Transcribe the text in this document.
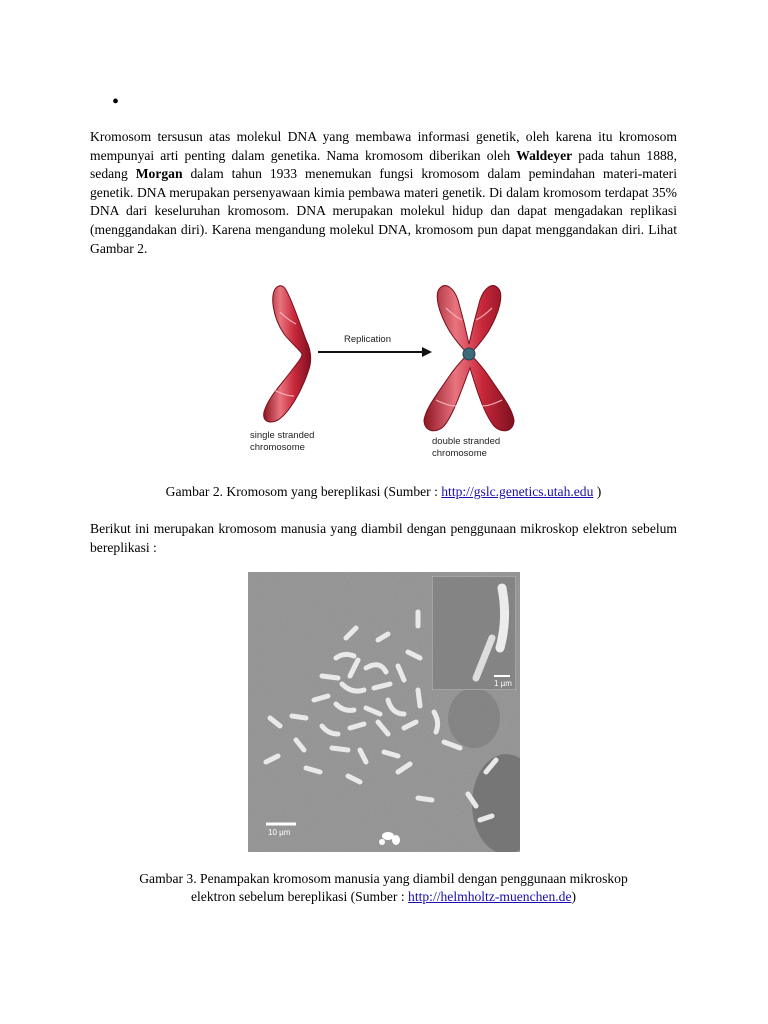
•

Kromosom tersusun atas molekul DNA yang membawa informasi genetik, oleh karena itu kromosom mempunyai arti penting dalam genetika. Nama kromosom diberikan oleh Waldeyer pada tahun 1888, sedang Morgan dalam tahun 1933 menemukan fungsi kromosom dalam pemindahan materi-materi genetik. DNA merupakan persenyawaan kimia pembawa materi genetik. Di dalam kromosom terdapat 35% DNA dari keseluruhan kromosom. DNA merupakan molekul hidup dan dapat mengadakan replikasi (menggandakan diri). Karena mengandung molekul DNA, kromosom pun dapat menggandakan diri. Lihat Gambar 2.

Replication
single stranded
chromosome
double stranded
chromosome

Gambar 2. Kromosom yang bereplikasi (Sumber : http://gslc.genetics.utah.edu )

Berikut ini merupakan kromosom manusia yang diambil dengan penggunaan mikroskop elektron sebelum bereplikasi :

1 µm
10 µm

Gambar 3. Penampakan kromosom manusia yang diambil dengan penggunaan mikroskop
elektron sebelum bereplikasi (Sumber : http://helmholtz-muenchen.de)
